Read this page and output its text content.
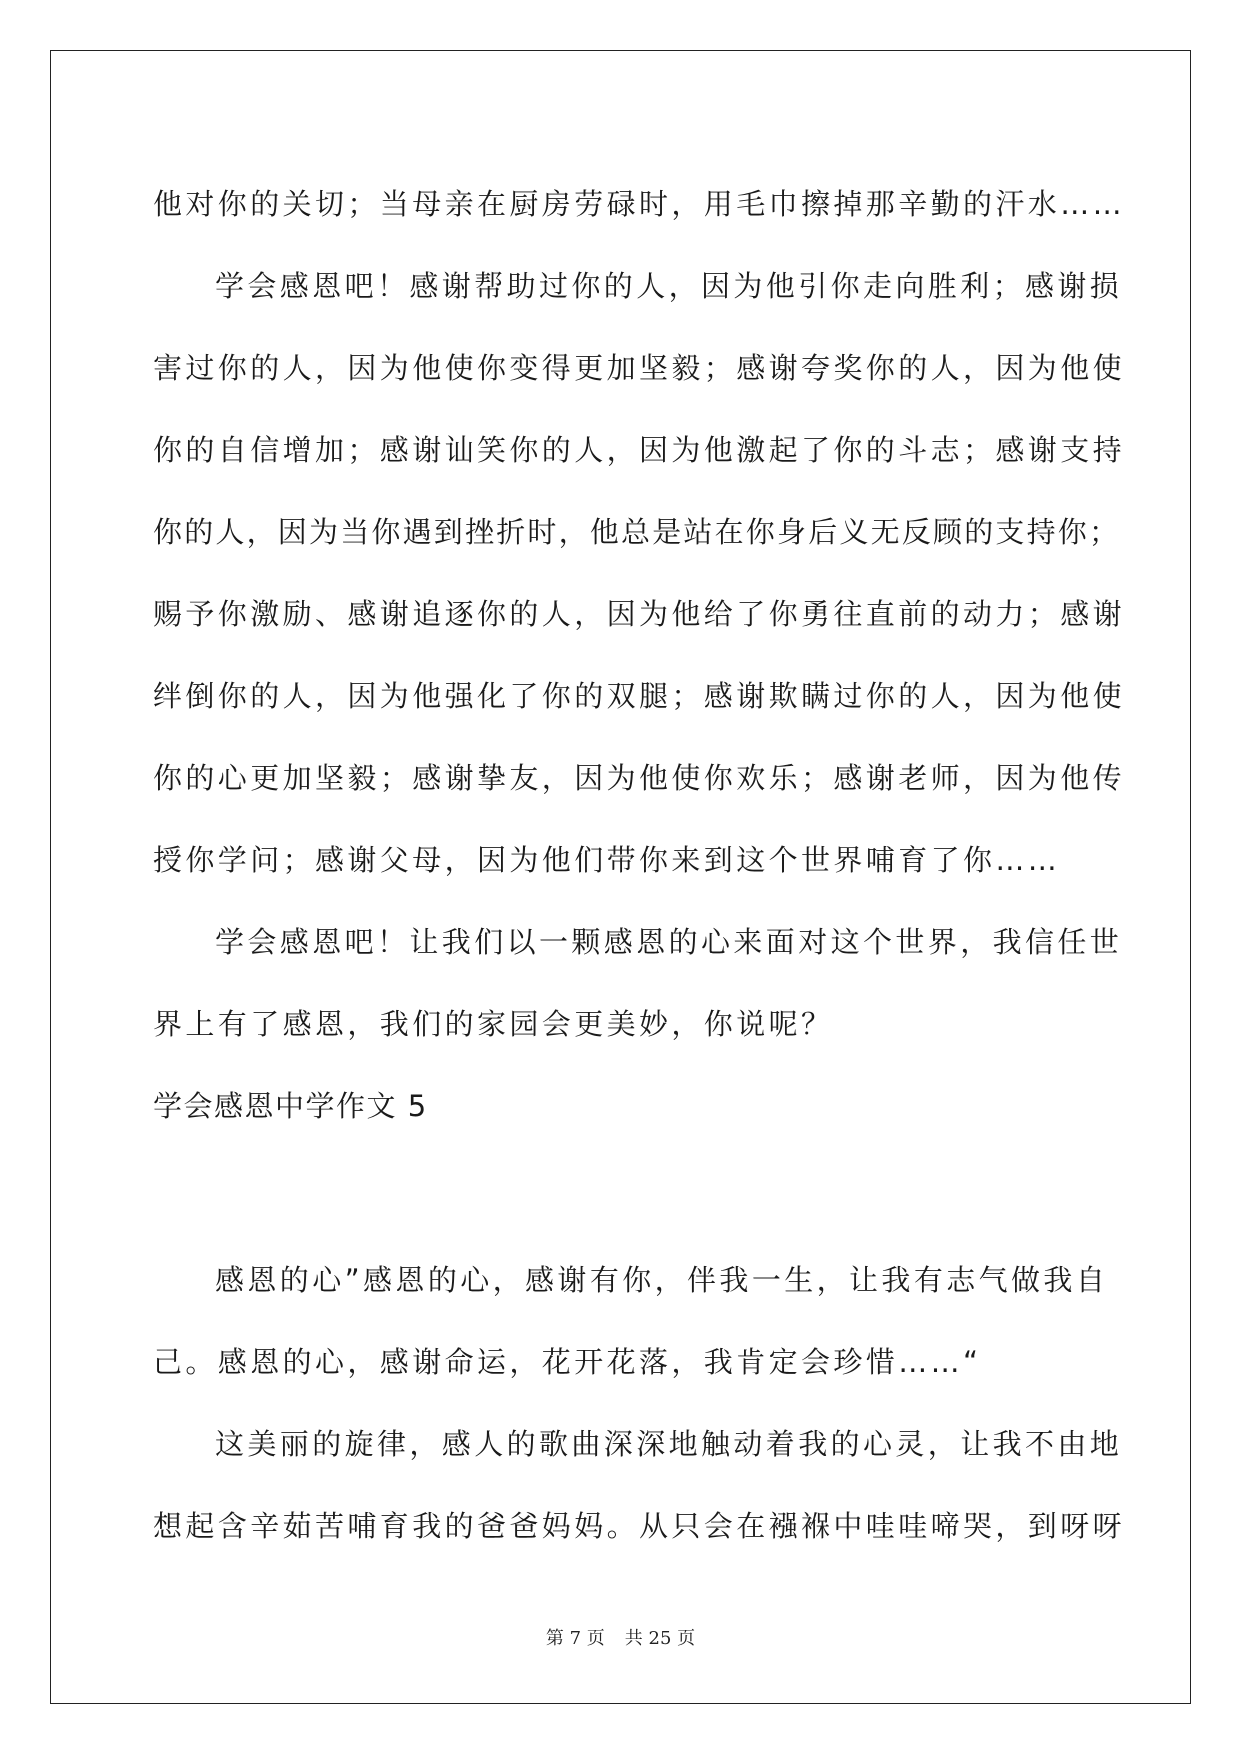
他对你的关切；当母亲在厨房劳碌时，用毛巾擦掉那辛勤的汗水……
学会感恩吧！感谢帮助过你的人，因为他引你走向胜利；感谢损
害过你的人，因为他使你变得更加坚毅；感谢夸奖你的人，因为他使
你的自信增加；感谢讪笑你的人，因为他激起了你的斗志；感谢支持
你的人，因为当你遇到挫折时，他总是站在你身后义无反顾的支持你；
赐予你激励、感谢追逐你的人，因为他给了你勇往直前的动力；感谢
绊倒你的人，因为他强化了你的双腿；感谢欺瞒过你的人，因为他使
你的心更加坚毅；感谢挚友，因为他使你欢乐；感谢老师，因为他传
授你学问；感谢父母，因为他们带你来到这个世界哺育了你……
学会感恩吧！让我们以一颗感恩的心来面对这个世界，我信任世
界上有了感恩，我们的家园会更美妙，你说呢？
学会感恩中学作文 5
感恩的心”感恩的心，感谢有你，伴我一生，让我有志气做我自
己。感恩的心，感谢命运，花开花落，我肯定会珍惜……“
这美丽的旋律，感人的歌曲深深地触动着我的心灵，让我不由地
想起含辛茹苦哺育我的爸爸妈妈。从只会在襁褓中哇哇啼哭，到呀呀
第 7 页 共 25 页
